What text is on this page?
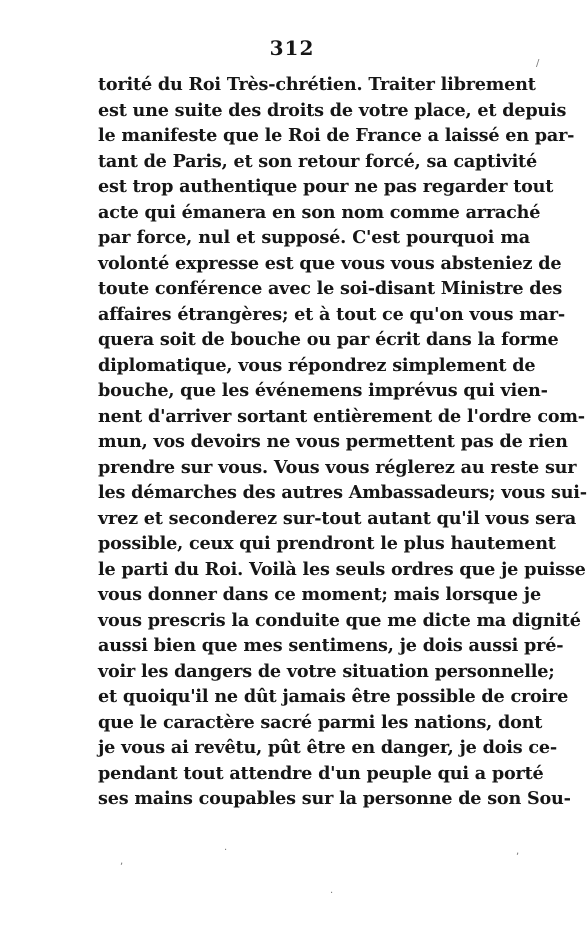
312
torité du Roi Très-chrétien. Traiter librement
est une suite des droits de votre place, et depuis
le manifeste que le Roi de France a laissé en par-
tant de Paris, et son retour forcé, sa captivité
est trop authentique pour ne pas regarder tout
acte qui émanera en son nom comme arraché
par force, nul et supposé. C'est pourquoi ma
volonté expresse est que vous vous absteniez de
toute conférence avec le soi-disant Ministre des
affaires étrangères; et à tout ce qu'on vous mar-
quera soit de bouche ou par écrit dans la forme
diplomatique, vous répondrez simplement de
bouche, que les événemens imprévus qui vien-
nent d'arriver sortant entièrement de l'ordre com-
mun, vos devoirs ne vous permettent pas de rien
prendre sur vous. Vous vous réglerez au reste sur
les démarches des autres Ambassadeurs; vous sui-
vrez et seconderez sur-tout autant qu'il vous sera
possible, ceux qui prendront le plus hautement
le parti du Roi. Voilà les seuls ordres que je puisse
vous donner dans ce moment; mais lorsque je
vous prescris la conduite que me dicte ma dignité
aussi bien que mes sentimens, je dois aussi pré-
voir les dangers de votre situation personnelle;
et quoiqu'il ne dût jamais être possible de croire
que le caractère sacré parmi les nations, dont
je vous ai revêtu, pût être en danger, je dois ce-
pendant tout attendre d'un peuple qui a porté
ses mains coupables sur la personne de son Sou-
/
,
.
·
,
